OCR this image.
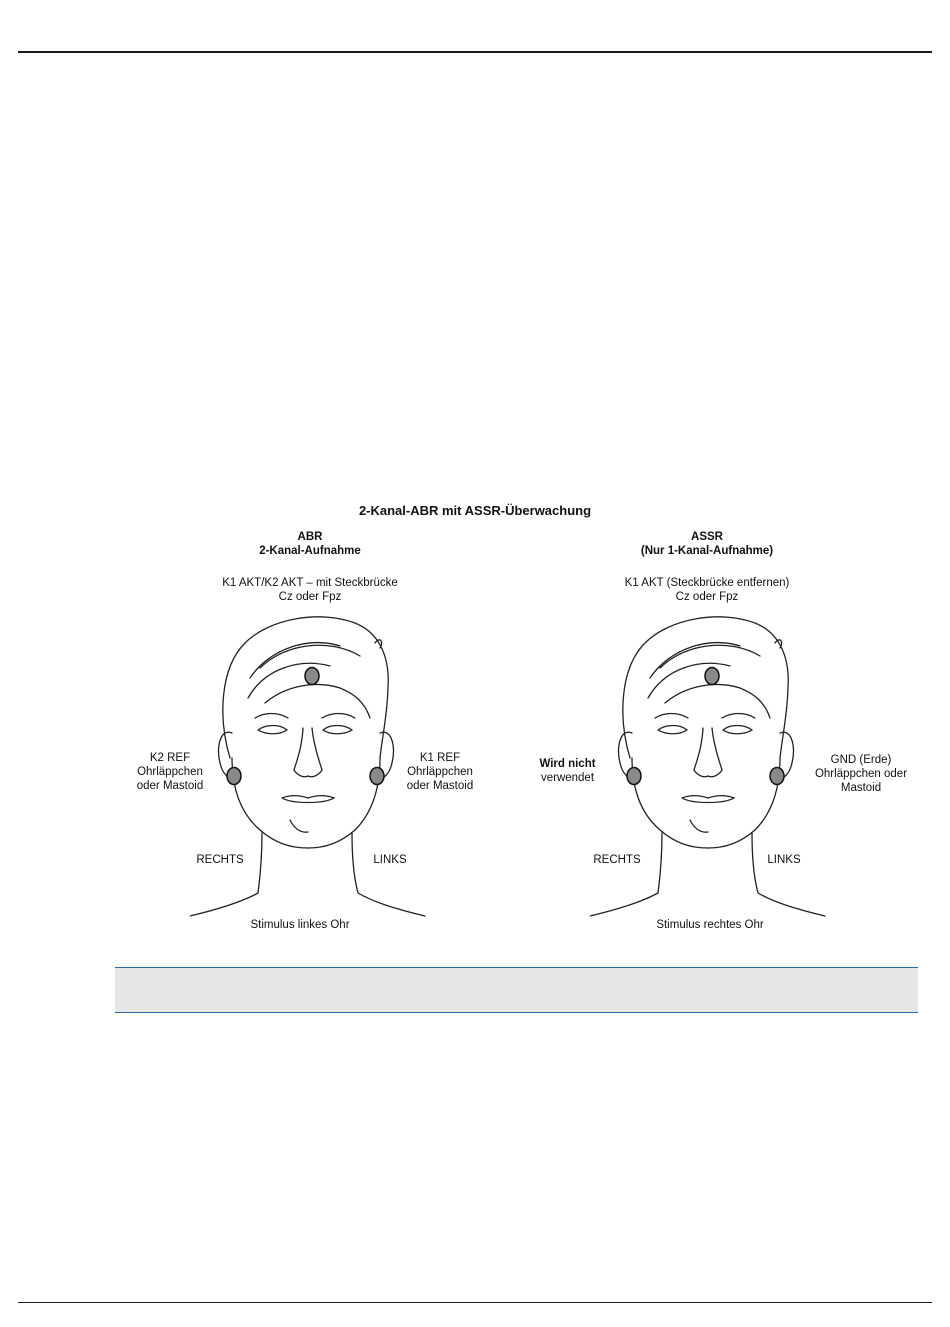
2-Kanal-ABR mit ASSR-Überwachung
ABR
2-Kanal-Aufnahme
K1 AKT/K2 AKT – mit Steckbrücke
Cz oder Fpz
K2 REF
Ohrläppchen
oder Mastoid
K1 REF
Ohrläppchen
oder Mastoid
RECHTS	LINKS
Stimulus linkes Ohr
ASSR
(Nur 1-Kanal-Aufnahme)
K1 AKT (Steckbrücke entfernen)
Cz oder Fpz
Wird nicht
verwendet
GND (Erde)
Ohrläppchen oder
Mastoid
RECHTS	LINKS
Stimulus rechtes Ohr
